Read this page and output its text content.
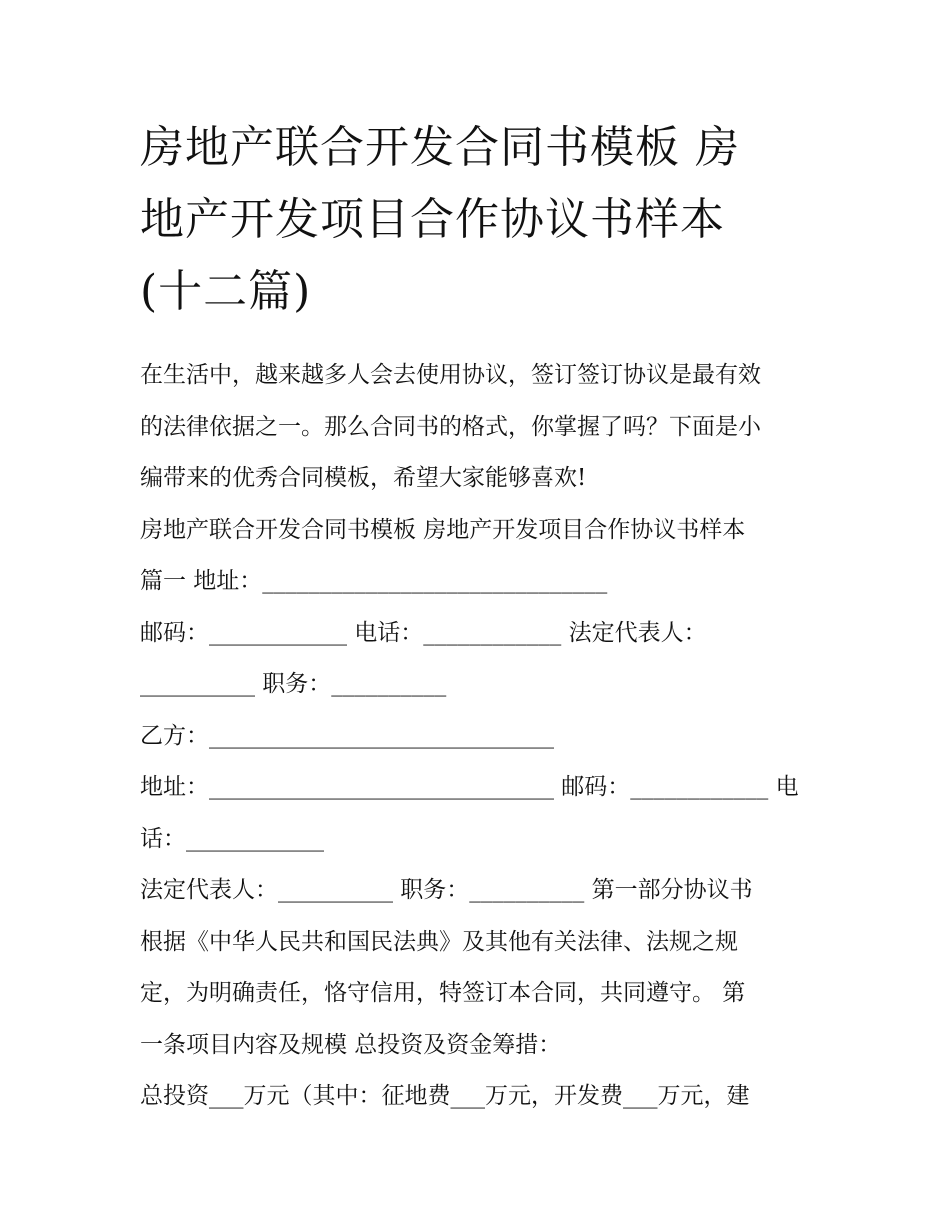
房地产联合开发合同书模板 房
地产开发项目合作协议书样本
(十二篇)
在生活中，越来越多人会去使用协议，签订签订协议是最有效
的法律依据之一。那么合同书的格式，你掌握了吗？下面是小
编带来的优秀合同模板，希望大家能够喜欢!
房地产联合开发合同书模板 房地产开发项目合作协议书样本
篇一 地址：______________________________
邮码：____________ 电话：____________ 法定代表人：
__________ 职务：__________
乙方：______________________________
地址：______________________________ 邮码：____________ 电
话：____________
法定代表人：__________ 职务：__________ 第一部分协议书
根据《中华人民共和国民法典》及其他有关法律、法规之规
定，为明确责任，恪守信用，特签订本合同，共同遵守。 第
一条项目内容及规模 总投资及资金筹措：
总投资___万元（其中：征地费___万元，开发费___万元，建
